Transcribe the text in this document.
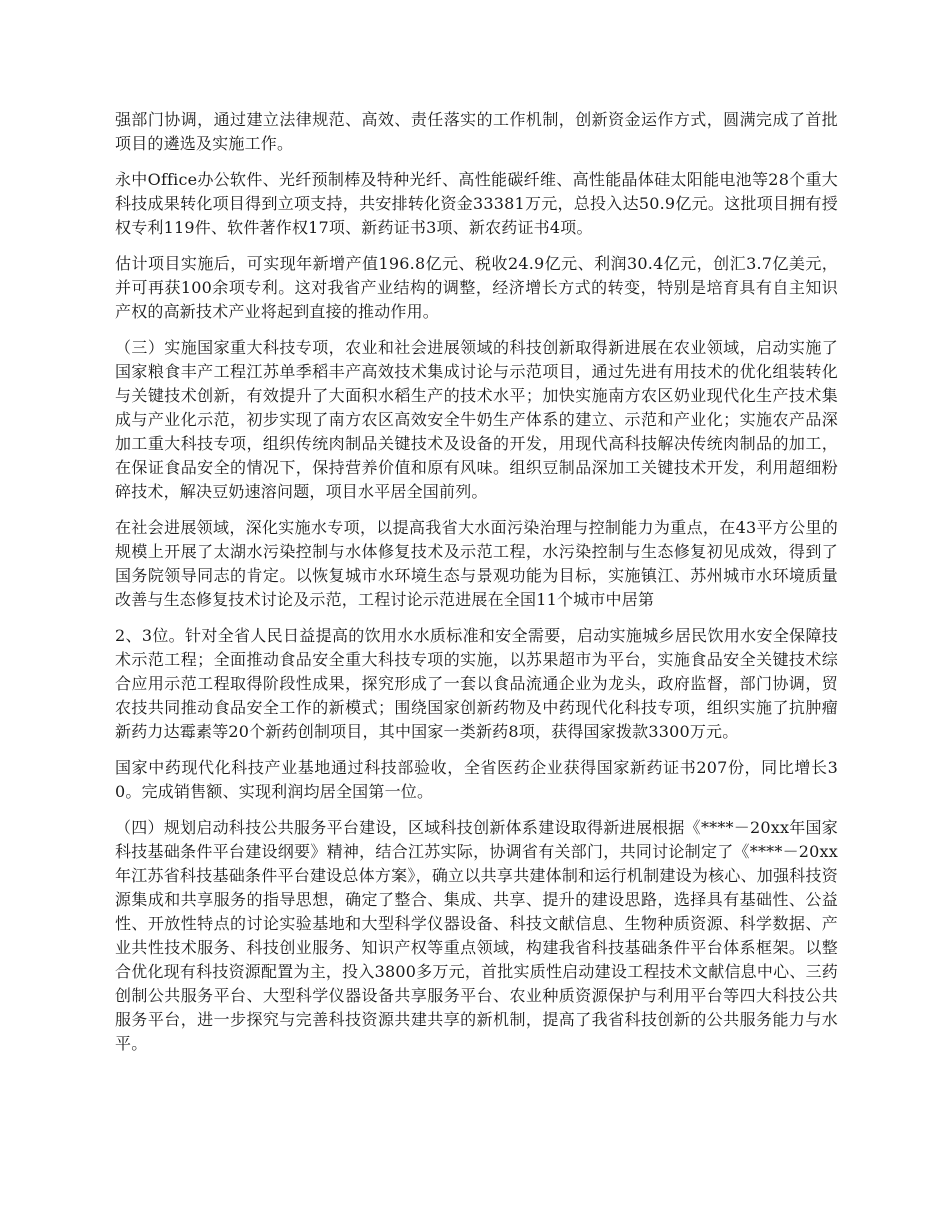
强部门协调，通过建立法律规范、高效、责任落实的工作机制，创新资金运作方式，圆满完成了首批项目的遴选及实施工作。

永中Office办公软件、光纤预制棒及特种光纤、高性能碳纤维、高性能晶体硅太阳能电池等28个重大科技成果转化项目得到立项支持，共安排转化资金33381万元，总投入达50.9亿元。这批项目拥有授权专利119件、软件著作权17项、新药证书3项、新农药证书4项。

估计项目实施后，可实现年新增产值196.8亿元、税收24.9亿元、利润30.4亿元，创汇3.7亿美元，并可再获100余项专利。这对我省产业结构的调整，经济增长方式的转变，特别是培育具有自主知识产权的高新技术产业将起到直接的推动作用。

（三）实施国家重大科技专项，农业和社会进展领域的科技创新取得新进展在农业领域，启动实施了国家粮食丰产工程江苏单季稻丰产高效技术集成讨论与示范项目，通过先进有用技术的优化组装转化与关键技术创新，有效提升了大面积水稻生产的技术水平；加快实施南方农区奶业现代化生产技术集成与产业化示范，初步实现了南方农区高效安全牛奶生产体系的建立、示范和产业化；实施农产品深加工重大科技专项，组织传统肉制品关键技术及设备的开发，用现代高科技解决传统肉制品的加工，在保证食品安全的情况下，保持营养价值和原有风味。组织豆制品深加工关键技术开发，利用超细粉碎技术，解决豆奶速溶问题，项目水平居全国前列。

在社会进展领域，深化实施水专项，以提高我省大水面污染治理与控制能力为重点，在43平方公里的规模上开展了太湖水污染控制与水体修复技术及示范工程，水污染控制与生态修复初见成效，得到了国务院领导同志的肯定。以恢复城市水环境生态与景观功能为目标，实施镇江、苏州城市水环境质量改善与生态修复技术讨论及示范，工程讨论示范进展在全国11个城市中居第

2、3位。针对全省人民日益提高的饮用水水质标准和安全需要，启动实施城乡居民饮用水安全保障技术示范工程；全面推动食品安全重大科技专项的实施，以苏果超市为平台，实施食品安全关键技术综合应用示范工程取得阶段性成果，探究形成了一套以食品流通企业为龙头，政府监督，部门协调，贸农技共同推动食品安全工作的新模式；围绕国家创新药物及中药现代化科技专项，组织实施了抗肿瘤新药力达霉素等20个新药创制项目，其中国家一类新药8项，获得国家拨款3300万元。

国家中药现代化科技产业基地通过科技部验收，全省医药企业获得国家新药证书207份，同比增长30。完成销售额、实现利润均居全国第一位。

（四）规划启动科技公共服务平台建设，区域科技创新体系建设取得新进展根据《****－20xx年国家科技基础条件平台建设纲要》精神，结合江苏实际，协调省有关部门，共同讨论制定了《****－20xx年江苏省科技基础条件平台建设总体方案》，确立以共享共建体制和运行机制建设为核心、加强科技资源集成和共享服务的指导思想，确定了整合、集成、共享、提升的建设思路，选择具有基础性、公益性、开放性特点的讨论实验基地和大型科学仪器设备、科技文献信息、生物种质资源、科学数据、产业共性技术服务、科技创业服务、知识产权等重点领域，构建我省科技基础条件平台体系框架。以整合优化现有科技资源配置为主，投入3800多万元，首批实质性启动建设工程技术文献信息中心、三药创制公共服务平台、大型科学仪器设备共享服务平台、农业种质资源保护与利用平台等四大科技公共服务平台，进一步探究与完善科技资源共建共享的新机制，提高了我省科技创新的公共服务能力与水平。
